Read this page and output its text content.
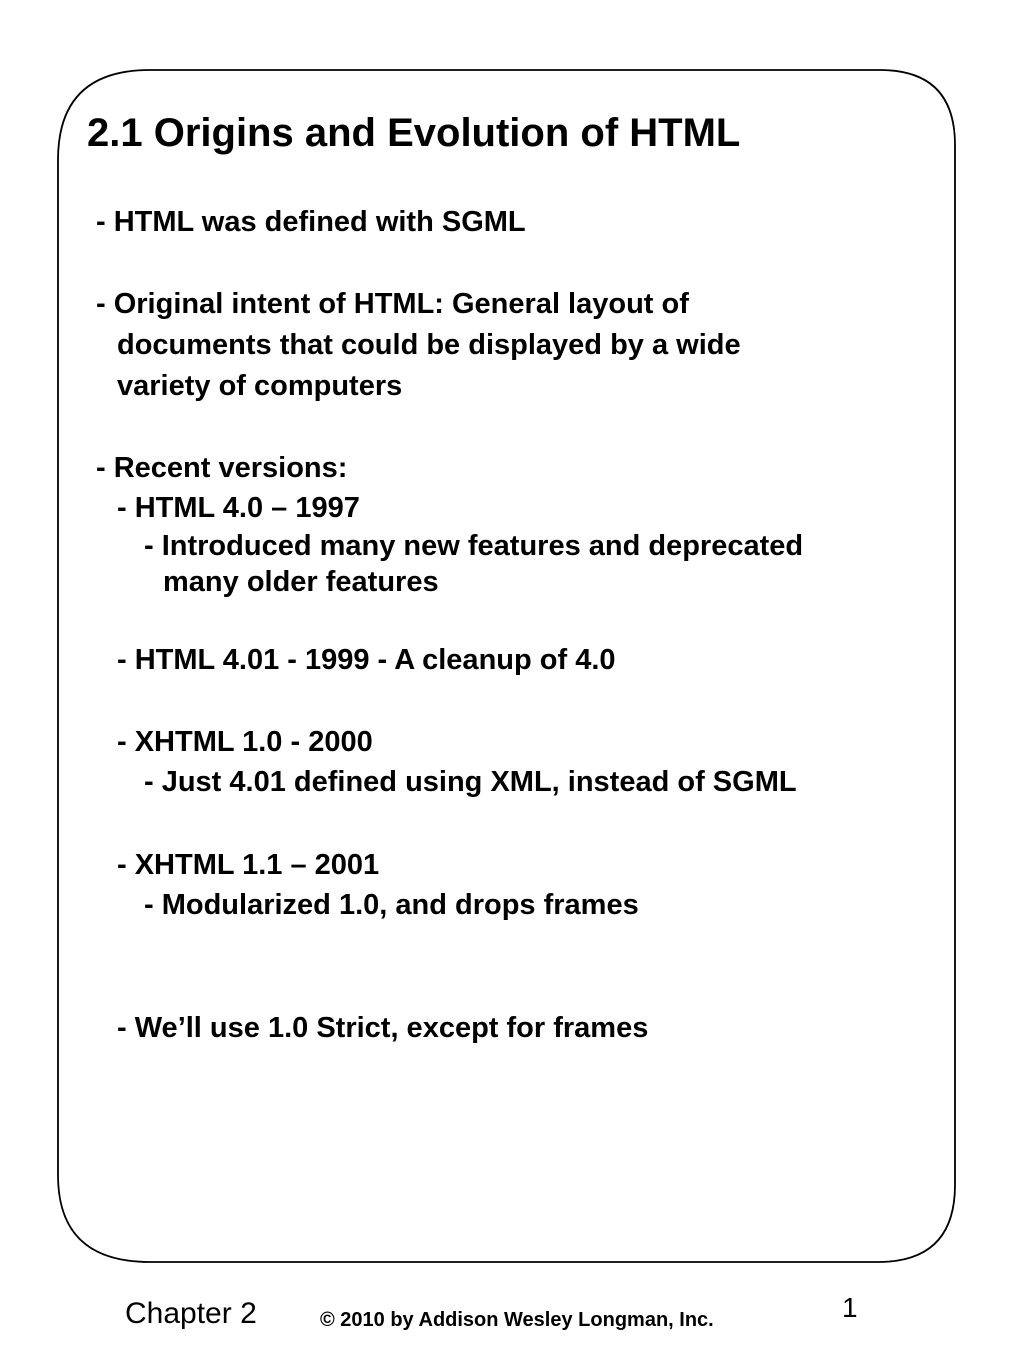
2.1 Origins and Evolution of HTML
- HTML was defined with SGML
- Original intent of HTML: General layout of
documents that could be displayed by a wide
variety of computers
- Recent versions:
- HTML 4.0 – 1997
- Introduced many new features and deprecated
many older features
- HTML 4.01 - 1999 - A cleanup of 4.0
- XHTML 1.0 - 2000
- Just 4.01 defined using XML, instead of SGML
- XHTML 1.1 – 2001
- Modularized 1.0, and drops frames
- We’ll use 1.0 Strict, except for frames
Chapter 2	© 2010 by Addison Wesley Longman, Inc.	1
